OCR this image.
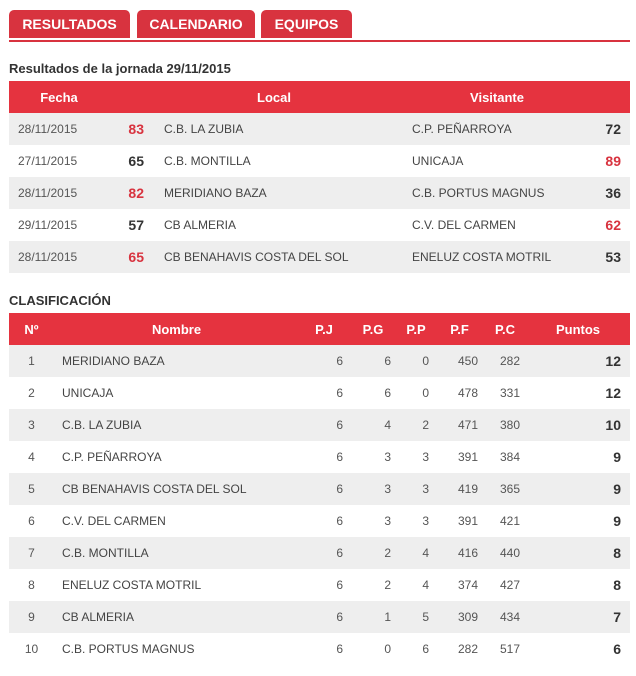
RESULTADOS	CALENDARIO	EQUIPOS
Resultados de la jornada 29/11/2015
Fecha		Local	Visitante	
28/11/2015	83	C.B. LA ZUBIA	C.P. PEÑARROYA	72
27/11/2015	65	C.B. MONTILLA	UNICAJA	89
28/11/2015	82	MERIDIANO BAZA	C.B. PORTUS MAGNUS	36
29/11/2015	57	CB ALMERIA	C.V. DEL CARMEN	62
28/11/2015	65	CB BENAHAVIS COSTA DEL SOL	ENELUZ COSTA MOTRIL	53
CLASIFICACIÓN
Nº	Nombre	P.J	P.G	P.P	P.F	P.C	Puntos
1	MERIDIANO BAZA	6	6	0	450	282	12
2	UNICAJA	6	6	0	478	331	12
3	C.B. LA ZUBIA	6	4	2	471	380	10
4	C.P. PEÑARROYA	6	3	3	391	384	9
5	CB BENAHAVIS COSTA DEL SOL	6	3	3	419	365	9
6	C.V. DEL CARMEN	6	3	3	391	421	9
7	C.B. MONTILLA	6	2	4	416	440	8
8	ENELUZ COSTA MOTRIL	6	2	4	374	427	8
9	CB ALMERIA	6	1	5	309	434	7
10	C.B. PORTUS MAGNUS	6	0	6	282	517	6
